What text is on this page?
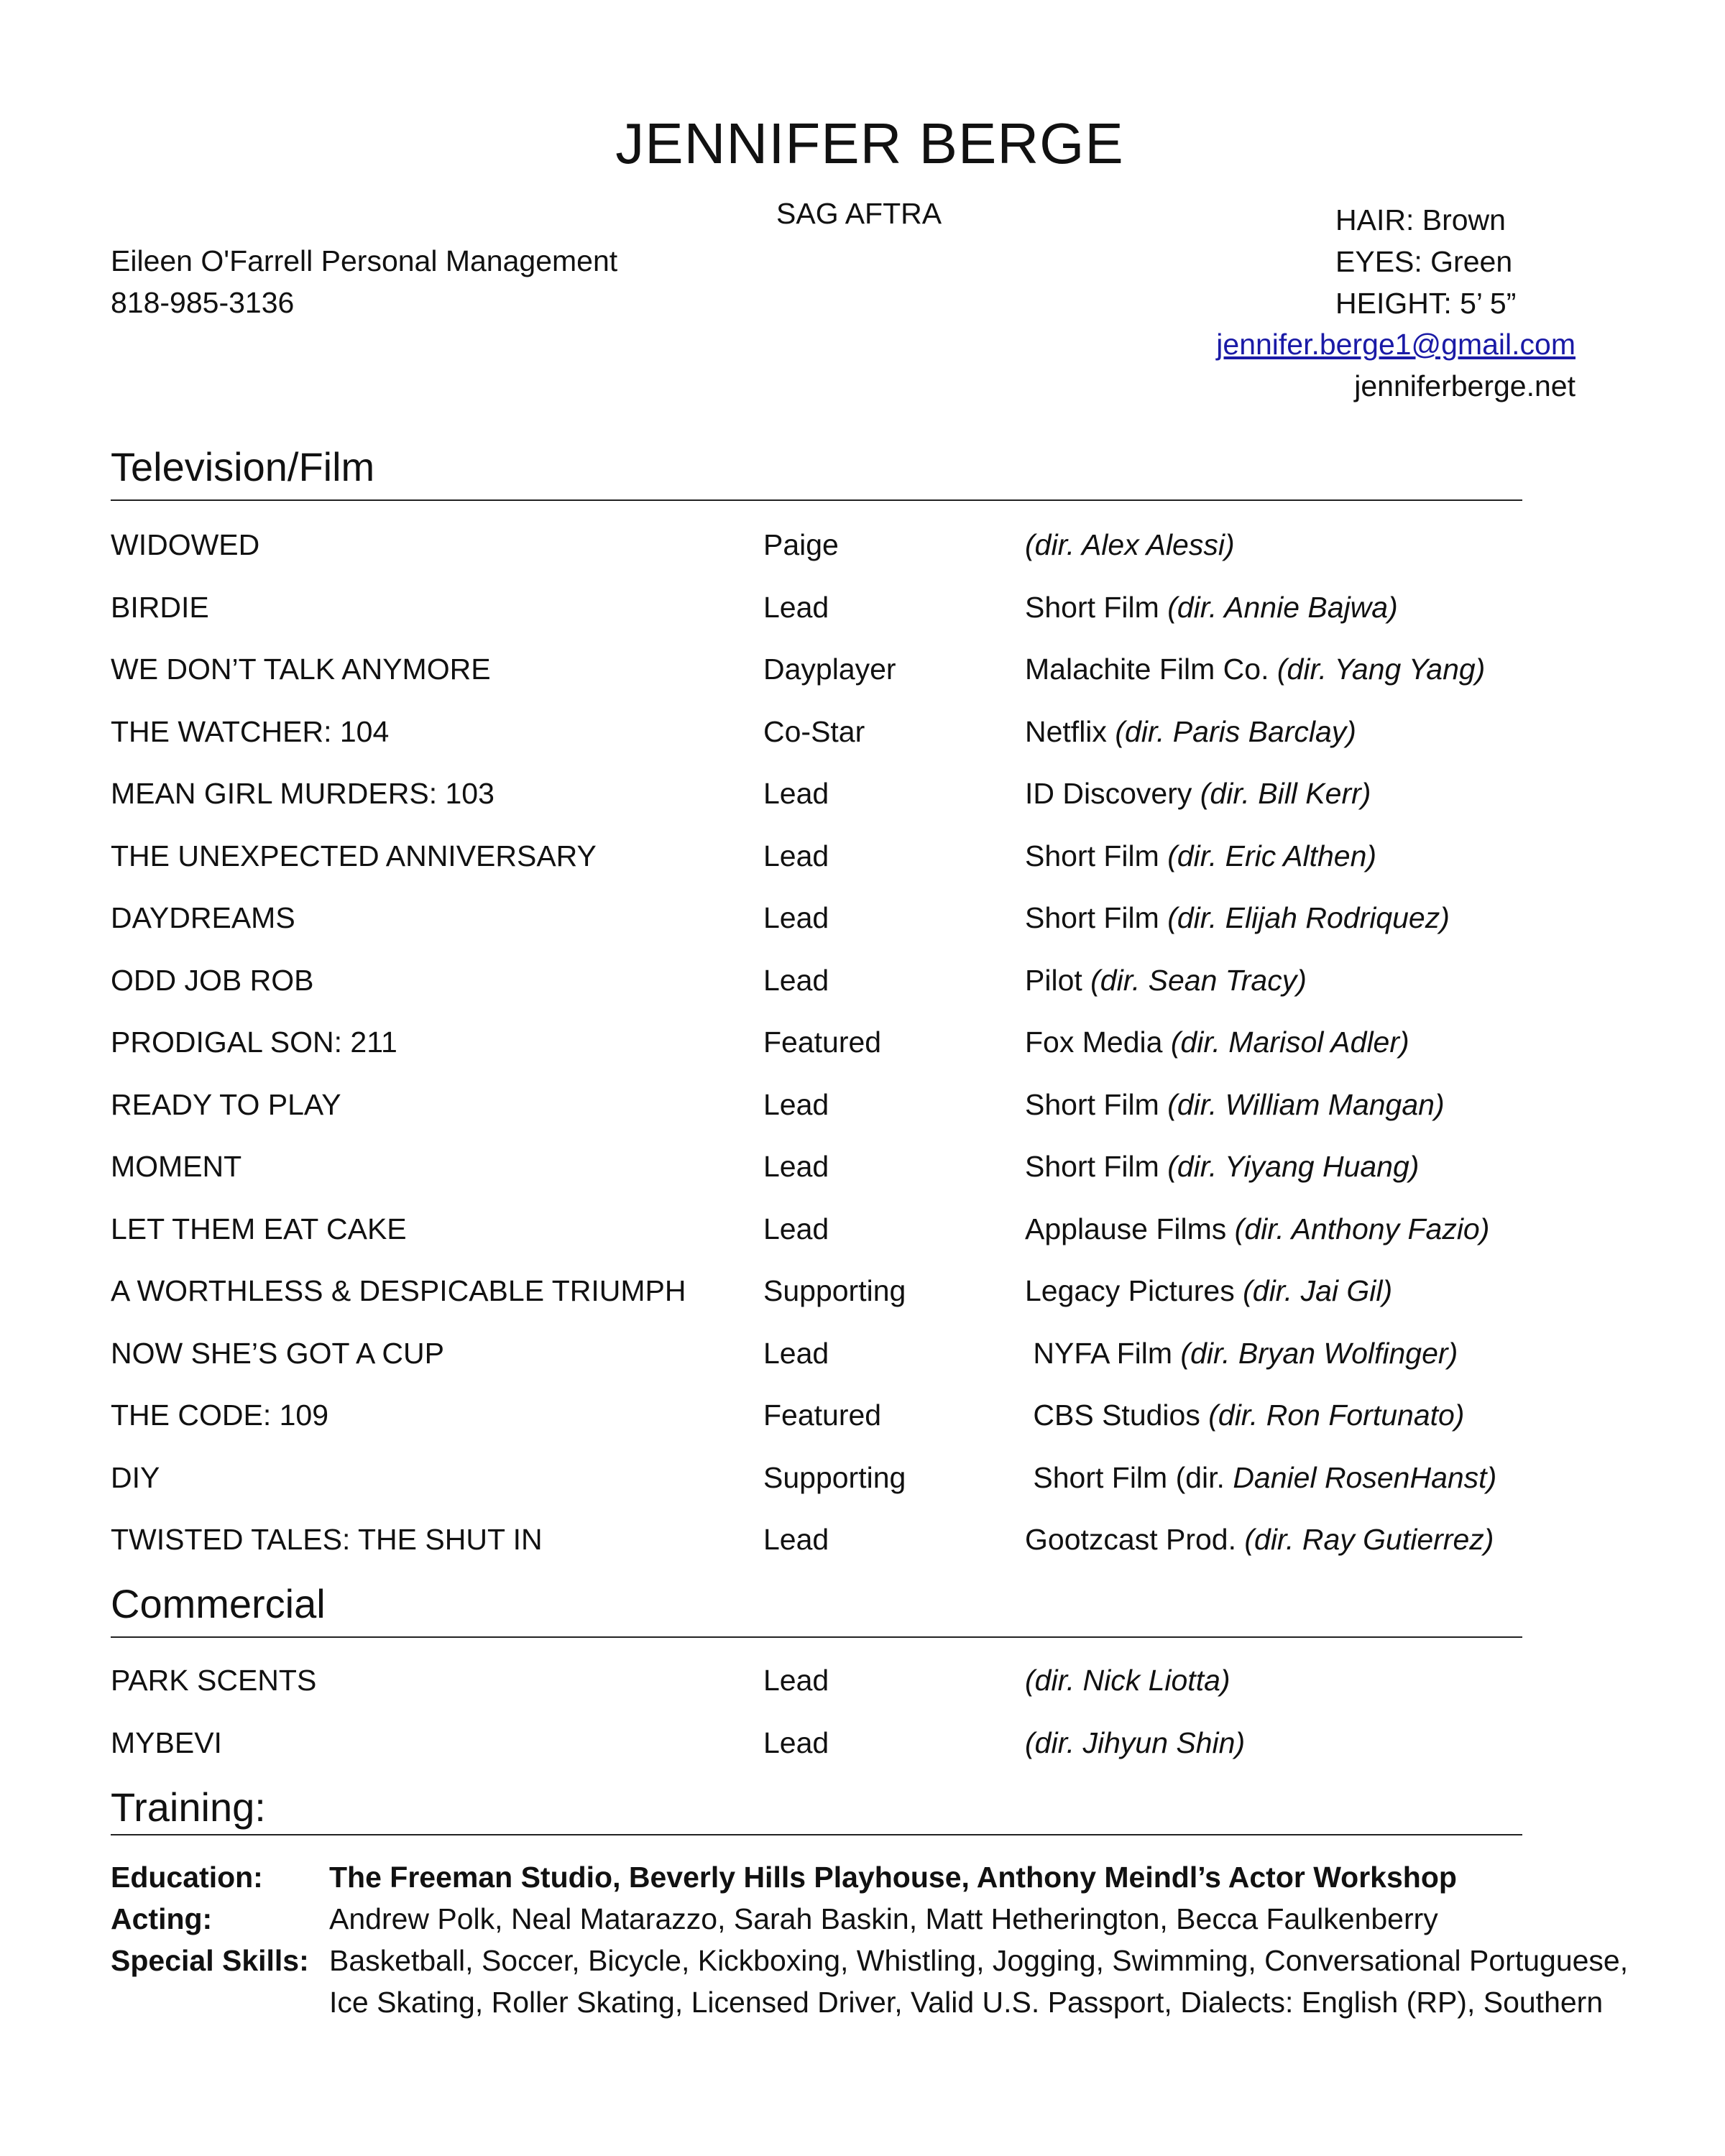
JENNIFER BERGE
SAG AFTRA
Eileen O'Farrell Personal Management
818-985-3136
HAIR: Brown
EYES: Green
HEIGHT: 5’ 5”
jennifer.berge1@gmail.com
jenniferberge.net
Television/Film
WIDOWED	Paige	(dir. Alex Alessi)
BIRDIE	Lead	Short Film (dir. Annie Bajwa)
WE DON’T TALK ANYMORE	Dayplayer	Malachite Film Co. (dir. Yang Yang)
THE WATCHER: 104	Co-Star	Netflix (dir. Paris Barclay)
MEAN GIRL MURDERS: 103	Lead	ID Discovery (dir. Bill Kerr)
THE UNEXPECTED ANNIVERSARY	Lead	Short Film (dir. Eric Althen)
DAYDREAMS	Lead	Short Film (dir. Elijah Rodriquez)
ODD JOB ROB	Lead	Pilot (dir. Sean Tracy)
PRODIGAL SON: 211	Featured	Fox Media (dir. Marisol Adler)
READY TO PLAY	Lead	Short Film (dir. William Mangan)
MOMENT	Lead	Short Film (dir. Yiyang Huang)
LET THEM EAT CAKE	Lead	Applause Films (dir. Anthony Fazio)
A WORTHLESS & DESPICABLE TRIUMPH	Supporting	Legacy Pictures (dir. Jai Gil)
NOW SHE’S GOT A CUP	Lead	NYFA Film (dir. Bryan Wolfinger)
THE CODE: 109	Featured	CBS Studios (dir. Ron Fortunato)
DIY	Supporting	Short Film (dir. Daniel RosenHanst)
TWISTED TALES: THE SHUT IN	Lead	Gootzcast Prod. (dir. Ray Gutierrez)
Commercial
PARK SCENTS	Lead	(dir. Nick Liotta)
MYBEVI	Lead	(dir. Jihyun Shin)
Training:
Education: The Freeman Studio, Beverly Hills Playhouse, Anthony Meindl’s Actor Workshop
Acting:	Andrew Polk, Neal Matarazzo, Sarah Baskin, Matt Hetherington, Becca Faulkenberry
Special Skills: Basketball, Soccer, Bicycle, Kickboxing, Whistling, Jogging, Swimming, Conversational Portuguese, Ice Skating, Roller Skating, Licensed Driver, Valid U.S. Passport, Dialects: English (RP), Southern
